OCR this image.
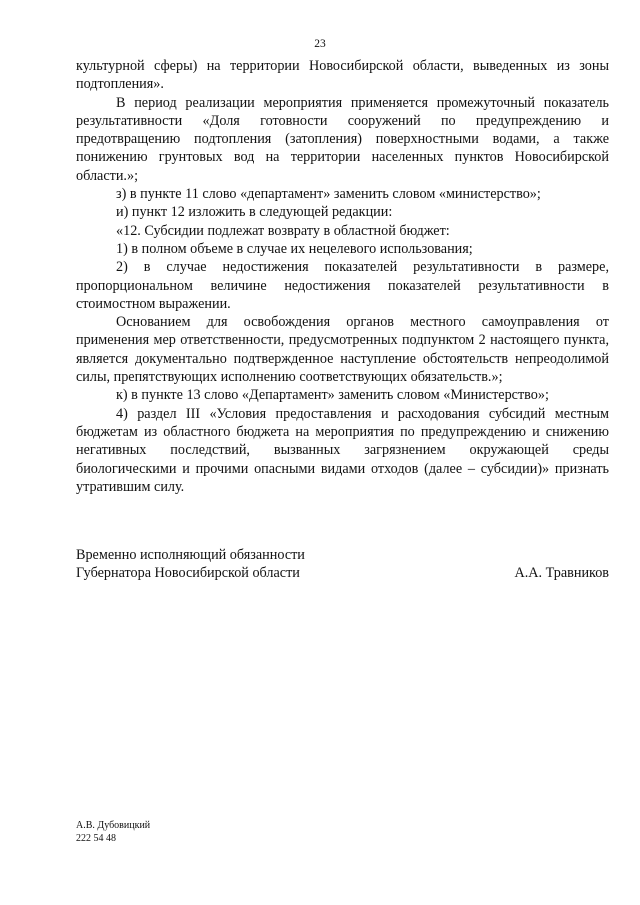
23

культурной сферы) на территории Новосибирской области, выведенных из зоны подтопления».

В период реализации мероприятия применяется промежуточный показатель результативности «Доля готовности сооружений по предупреждению и предотвращению подтопления (затопления) поверхностными водами, а также понижению грунтовых вод на территории населенных пунктов Новосибирской области.»;

з) в пункте 11 слово «департамент» заменить словом «министерство»;

и) пункт 12 изложить в следующей редакции:

«12. Субсидии подлежат возврату в областной бюджет:

1) в полном объеме в случае их нецелевого использования;

2) в случае недостижения показателей результативности в размере, пропорциональном величине недостижения показателей результативности в стоимостном выражении.

Основанием для освобождения органов местного самоуправления от применения мер ответственности, предусмотренных подпунктом 2 настоящего пункта, является документально подтвержденное наступление обстоятельств непреодолимой силы, препятствующих исполнению соответствующих обязательств.»;

к) в пункте 13 слово «Департамент» заменить словом «Министерство»;

4) раздел III «Условия предоставления и расходования субсидий местным бюджетам из областного бюджета на мероприятия по предупреждению и снижению негативных последствий, вызванных загрязнением окружающей среды биологическими и прочими опасными видами отходов (далее – субсидии)» признать утратившим силу.

Временно исполняющий обязанности
Губернатора Новосибирской области	А.А. Травников
А.В. Дубовицкий
222 54 48
